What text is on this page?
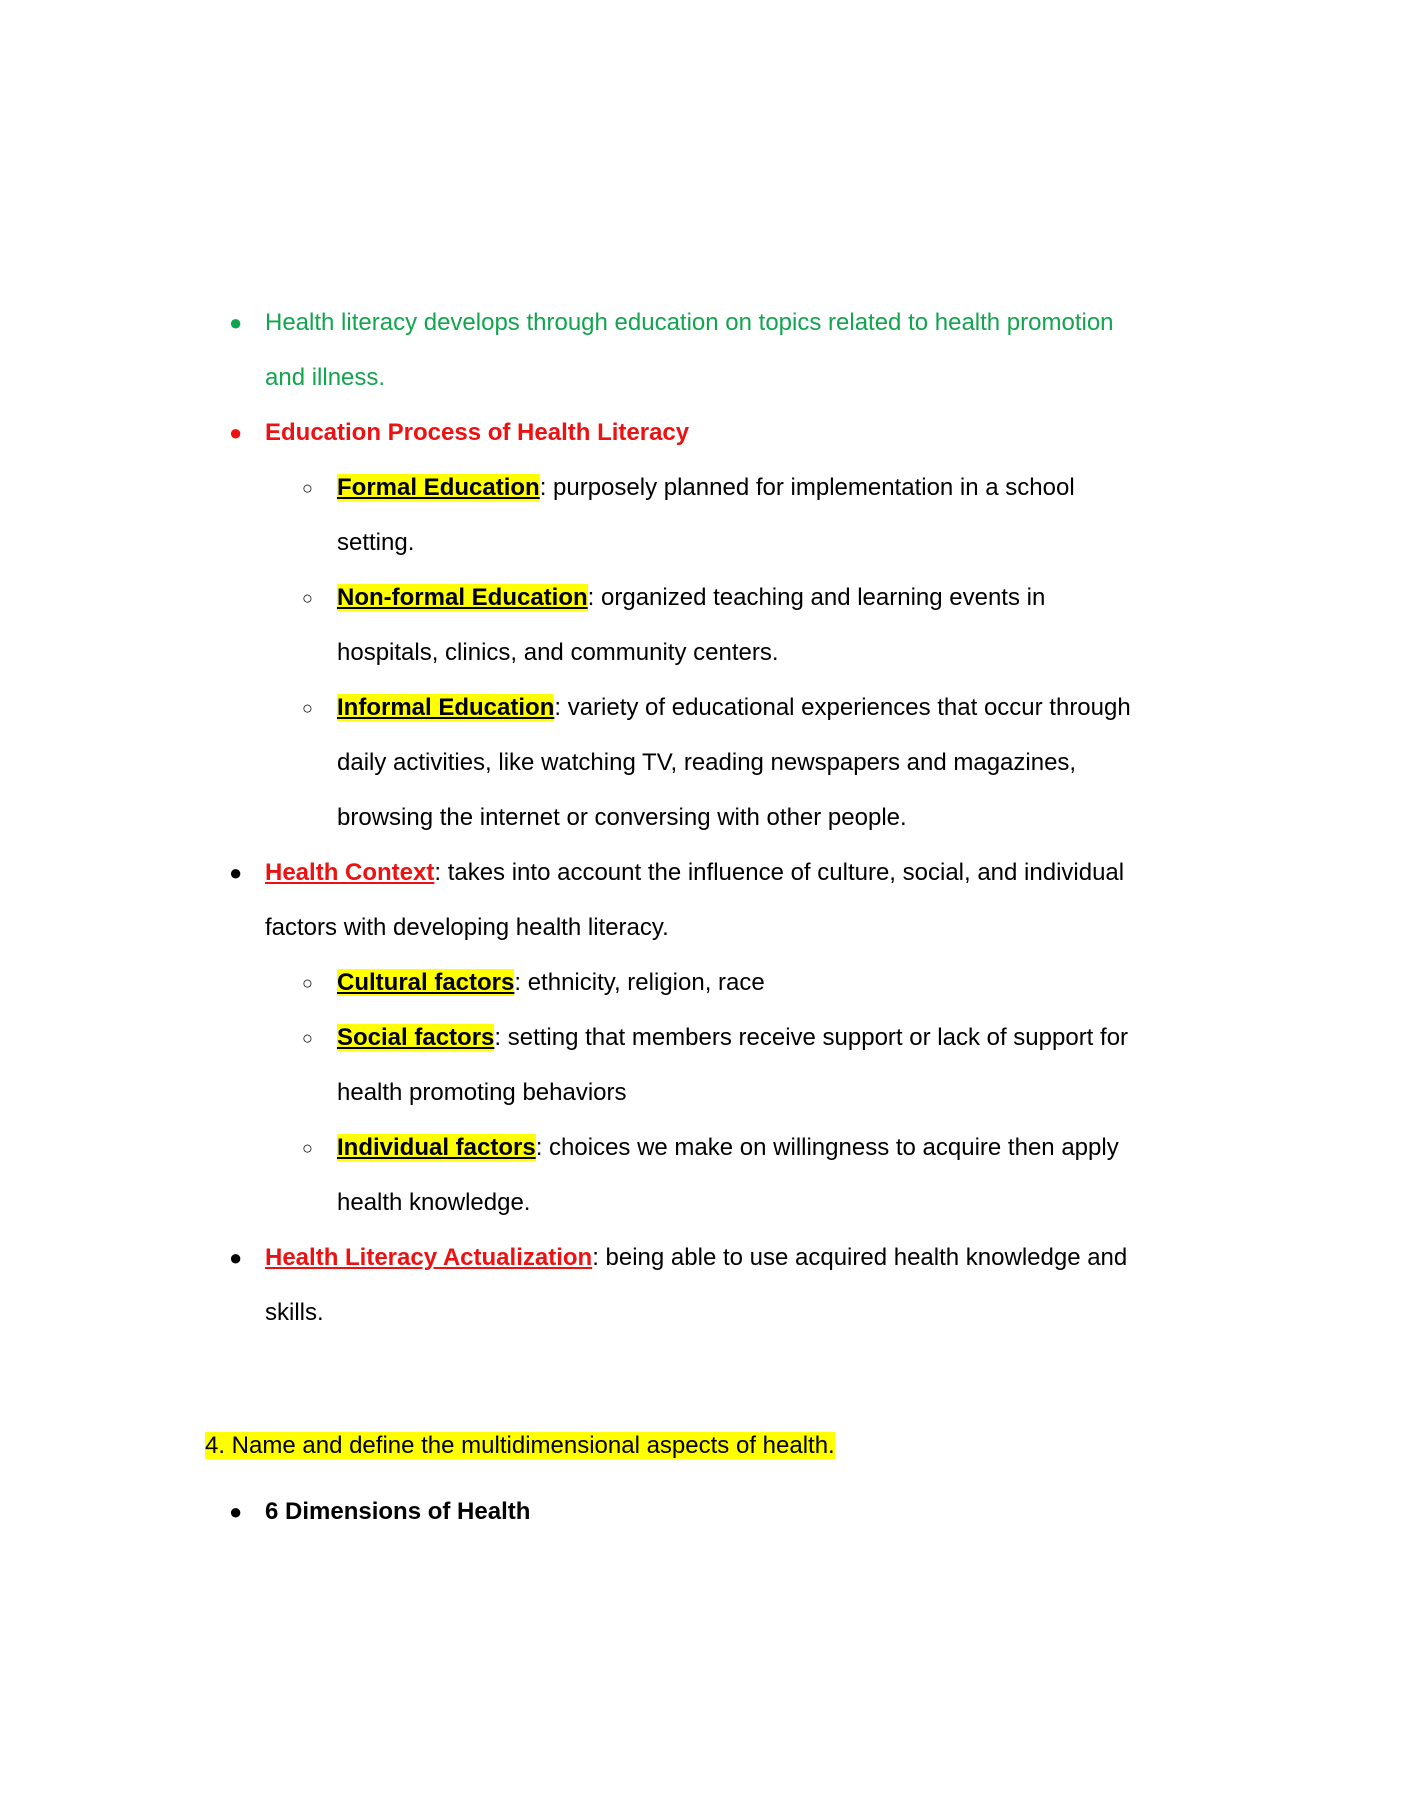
● Health literacy develops through education on topics related to health promotion
and illness.
● Education Process of Health Literacy
○ Formal Education: purposely planned for implementation in a school
setting.
○ Non-formal Education: organized teaching and learning events in
hospitals, clinics, and community centers.
○ Informal Education: variety of educational experiences that occur through
daily activities, like watching TV, reading newspapers and magazines,
browsing the internet or conversing with other people.
● Health Context: takes into account the influence of culture, social, and individual
factors with developing health literacy.
○ Cultural factors: ethnicity, religion, race
○ Social factors: setting that members receive support or lack of support for
health promoting behaviors
○ Individual factors: choices we make on willingness to acquire then apply
health knowledge.
● Health Literacy Actualization: being able to use acquired health knowledge and
skills.
4. Name and define the multidimensional aspects of health.
● 6 Dimensions of Health
